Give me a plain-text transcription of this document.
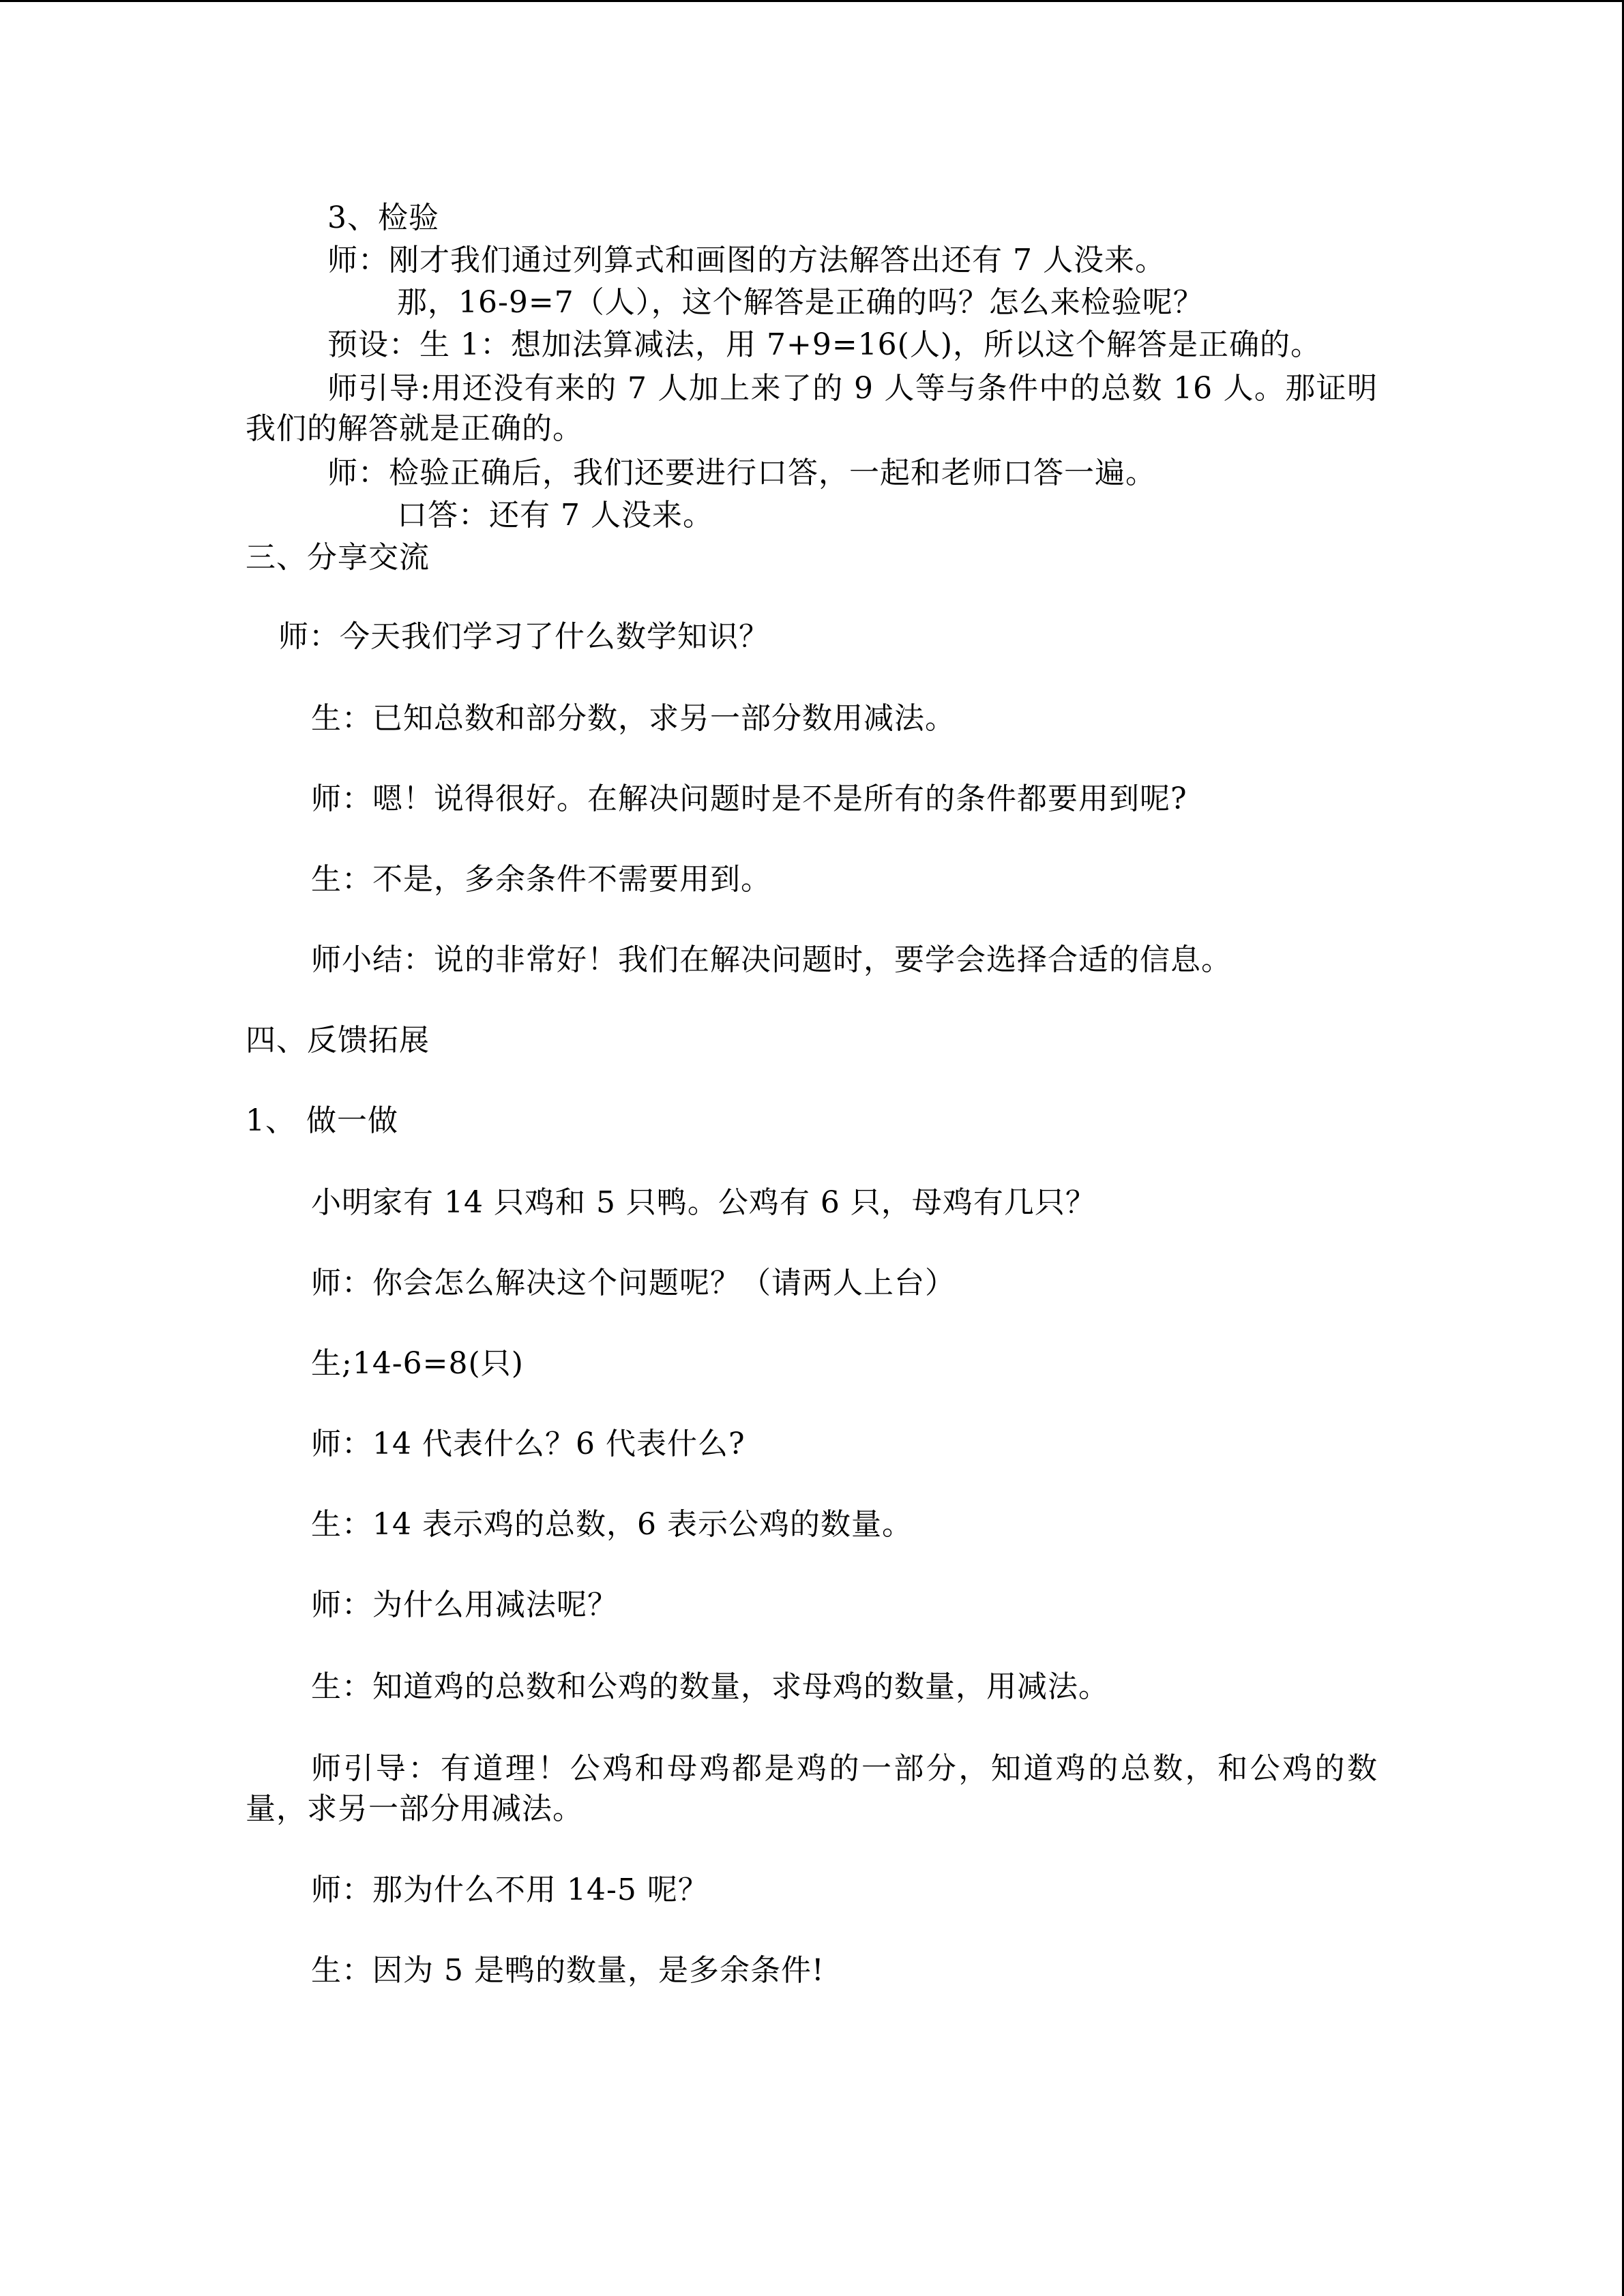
3、检验
师：刚才我们通过列算式和画图的方法解答出还有 7 人没来。
那，16-9=7（人），这个解答是正确的吗？怎么来检验呢？
预设：生 1：想加法算减法，用 7+9=16(人)，所以这个解答是正确的。
师引导:用还没有来的 7 人加上来了的 9 人等与条件中的总数 16 人。那证明我们的解答就是正确的。
师：检验正确后，我们还要进行口答，一起和老师口答一遍。
口答：还有 7 人没来。
三、分享交流
师：今天我们学习了什么数学知识？
生：已知总数和部分数，求另一部分数用减法。
师：嗯！说得很好。在解决问题时是不是所有的条件都要用到呢?
生：不是，多余条件不需要用到。
师小结：说的非常好！我们在解决问题时，要学会选择合适的信息。
四、反馈拓展
1、 做一做
小明家有 14 只鸡和 5 只鸭。公鸡有 6 只，母鸡有几只？
师：你会怎么解决这个问题呢？（请两人上台）
生;14-6=8(只)
师：14 代表什么？6 代表什么?
生：14 表示鸡的总数，6 表示公鸡的数量。
师：为什么用减法呢？
生：知道鸡的总数和公鸡的数量，求母鸡的数量，用减法。
师引导：有道理！公鸡和母鸡都是鸡的一部分，知道鸡的总数，和公鸡的数量，求另一部分用减法。
师：那为什么不用 14-5 呢？
生：因为 5 是鸭的数量，是多余条件!
